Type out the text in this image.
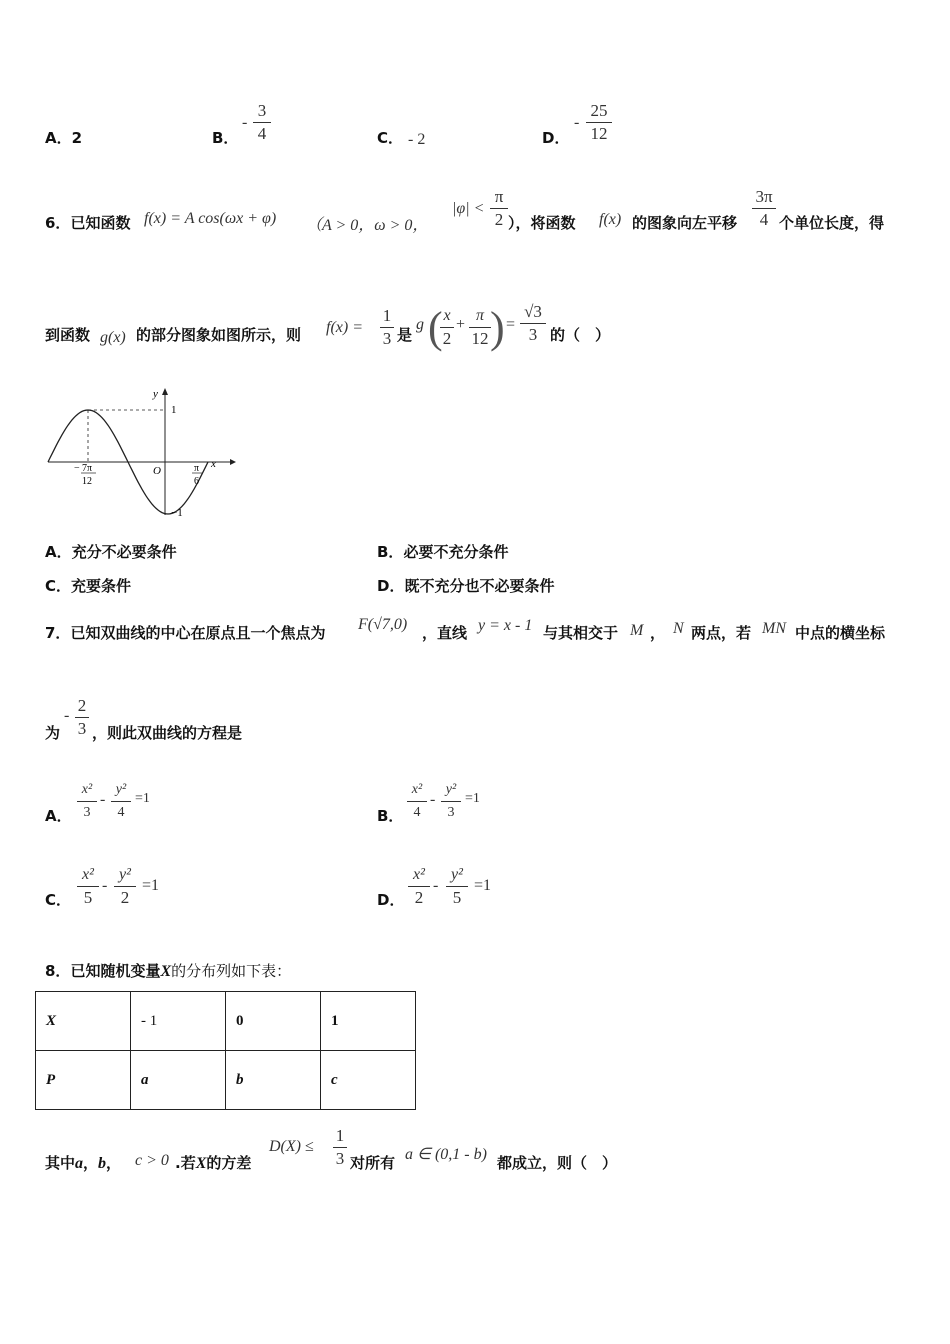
A．2	B．
-
3
4	C． - 2	D．
-
25
12
6．已知函数 f(x) = A cos(ωx + φ) （A > 0，ω > 0，
|φ| <
π
2 ），将函数 f(x) 的图象向左平移
3π
4 个单位长度，得
到函数 g(x) 的部分图象如图所示，则 f(x) =
1
3 是
g ( x
2
+
π
12 ) =
√3
3 的（　）
1
−1
y
x
O
− 7π
12
π
6
A．充分不必要条件	B．必要不充分条件
C．充要条件	D．既不充分也不必要条件
7．已知双曲线的中心在原点且一个焦点为 F(√7,0) ，直线 y = x - 1 与其相交于 M ， N 两点，若 MN 中点的横坐标
为
-
2
3 ，则此双曲线的方程是
A．
x²
3
-
y²
4
=1
B．
x²
4
-
y²
3
=1
C．
x²
5
-
y²
2
=1
D．
x²
2
-
y²
5
=1
8．已知随机变量X的分布列如下表：
X	- 1	0	1
P	a	b	c
其中a，b， c > 0 .若X的方差
D(X) ≤
1
3 对所有 a ∈ (0,1 - b) 都成立，则（　）
